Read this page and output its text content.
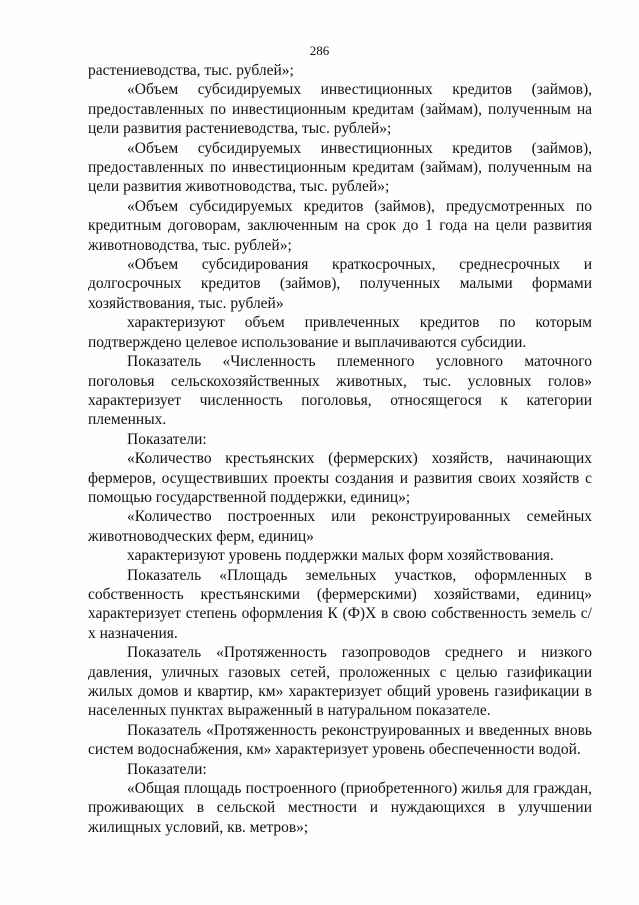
286

растениеводства, тыс. рублей»;

«Объем субсидируемых инвестиционных кредитов (займов), предоставленных по инвестиционным кредитам (займам), полученным на цели развития растениеводства, тыс. рублей»;

«Объем субсидируемых инвестиционных кредитов (займов), предоставленных по инвестиционным кредитам (займам), полученным на цели развития животноводства, тыс. рублей»;

«Объем субсидируемых кредитов (займов), предусмотренных по кредитным договорам, заключенным на срок до 1 года на цели развития животноводства, тыс. рублей»;

«Объем субсидирования краткосрочных, среднесрочных и долгосрочных кредитов (займов), полученных малыми формами хозяйствования, тыс. рублей»

характеризуют объем привлеченных кредитов по которым подтверждено целевое использование и выплачиваются субсидии.

Показатель «Численность племенного условного маточного поголовья сельскохозяйственных животных, тыс. условных голов» характеризует численность поголовья, относящегося к категории племенных.

Показатели:

«Количество крестьянских (фермерских) хозяйств, начинающих фермеров, осуществивших проекты создания и развития своих хозяйств с помощью государственной поддержки, единиц»;

«Количество построенных или реконструированных семейных животноводческих ферм, единиц»

характеризуют уровень поддержки малых форм хозяйствования.

Показатель «Площадь земельных участков, оформленных в собственность крестьянскими (фермерскими) хозяйствами, единиц» характеризует степень оформления К (Ф)Х в свою собственность земель с/х назначения.

Показатель «Протяженность газопроводов среднего и низкого давления, уличных газовых сетей, проложенных с целью газификации жилых домов и квартир, км» характеризует общий уровень газификации в населенных пунктах выраженный в натуральном показателе.

Показатель «Протяженность реконструированных и введенных вновь систем водоснабжения, км» характеризует уровень обеспеченности водой.

Показатели:

«Общая площадь построенного (приобретенного) жилья для граждан, проживающих в сельской местности и нуждающихся в улучшении жилищных условий, кв. метров»;
